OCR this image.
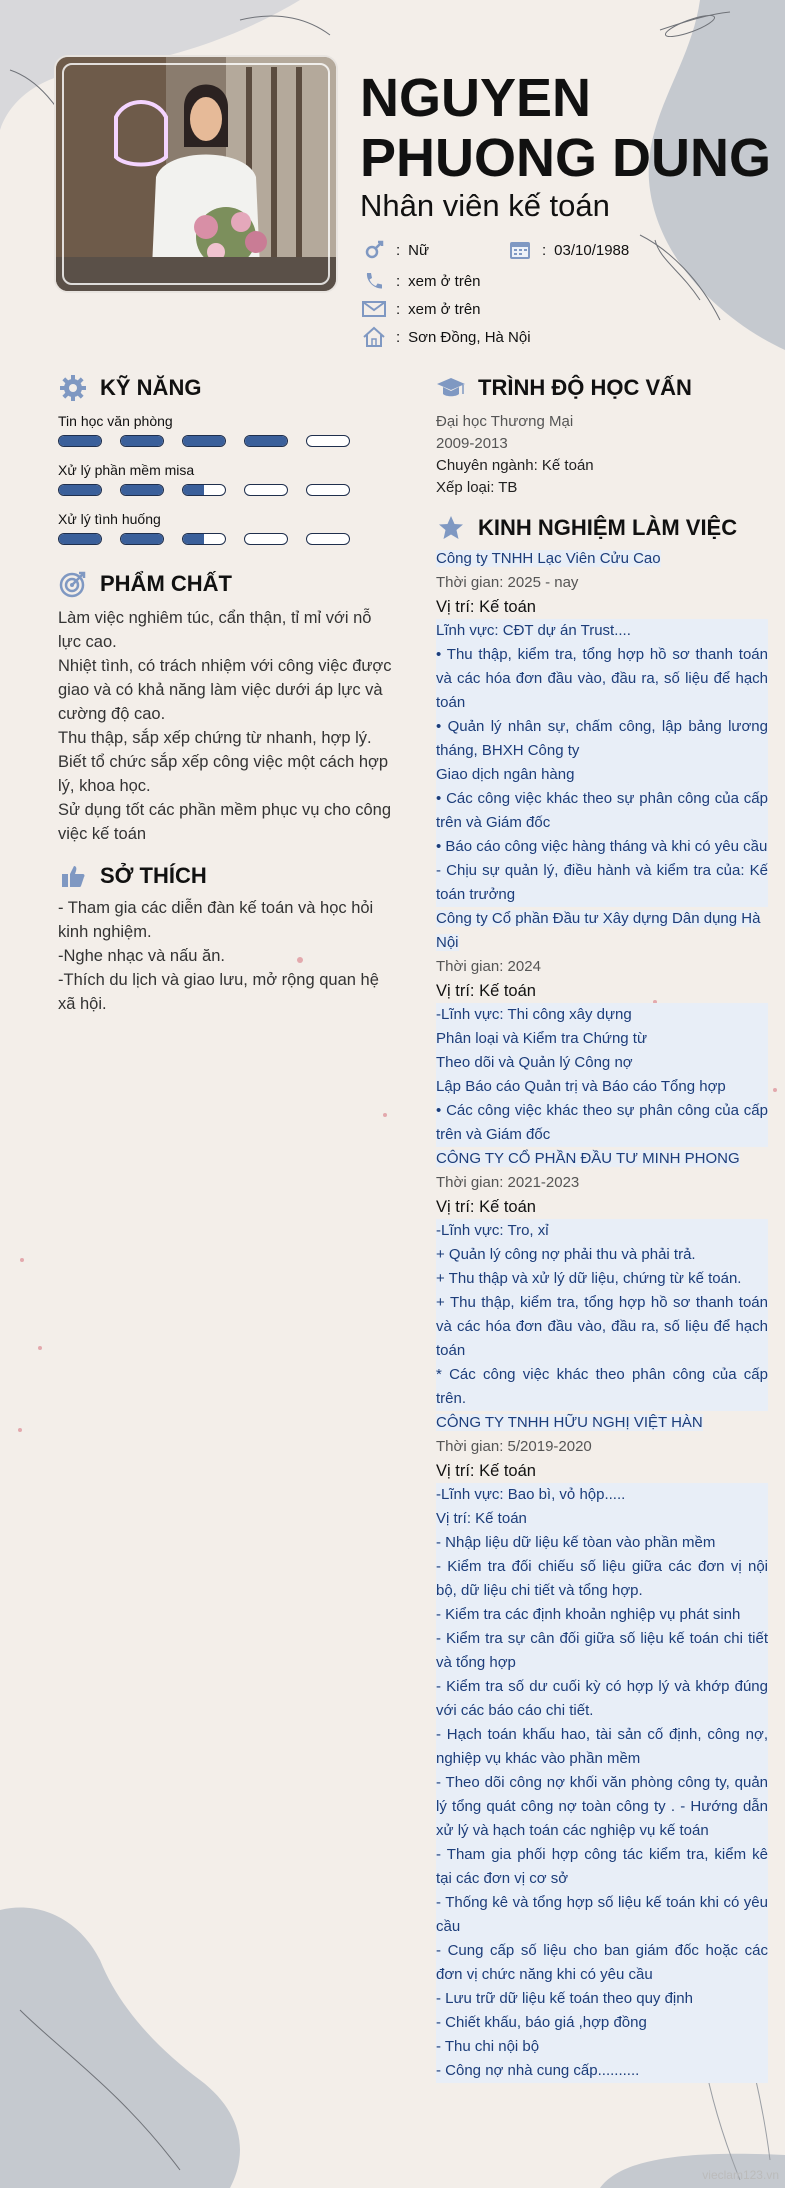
NGUYEN PHUONG DUNG
Nhân viên kế toán
: Nữ	: 03/10/1988
: xem ở trên
: xem ở trên
: Sơn Đồng, Hà Nội
KỸ NĂNG
Tin học văn phòng
Xử lý phần mềm misa
Xử lý tình huống
PHẨM CHẤT
Làm việc nghiêm túc, cẩn thận, tỉ mỉ với nỗ lực cao.
Nhiệt tình, có trách nhiệm với công việc được giao và có khả năng làm việc dưới áp lực và cường độ cao.
Thu thập, sắp xếp chứng từ nhanh, hợp lý.
Biết tổ chức sắp xếp công việc một cách hợp lý, khoa học.
Sử dụng tốt các phần mềm phục vụ cho công việc kế toán
SỞ THÍCH
- Tham gia các diễn đàn kế toán và học hỏi kinh nghiệm.
-Nghe nhạc và nấu ăn.
-Thích du lịch và giao lưu, mở rộng quan hệ xã hội.
TRÌNH ĐỘ HỌC VẤN
Đại học Thương Mại
2009-2013
Chuyên ngành: Kế toán
Xếp loại: TB
KINH NGHIỆM LÀM VIỆC
Công ty TNHH Lạc Viên Cửu Cao
Thời gian: 2025 - nay
Vị trí: Kế toán
Lĩnh vực: CĐT dự án Trust....
• Thu thập, kiểm tra, tổng hợp hồ sơ thanh toán và các hóa đơn đầu vào, đầu ra, số liệu để hạch toán
• Quản lý nhân sự, chấm công, lập bảng lương tháng, BHXH Công ty
Giao dịch ngân hàng
• Các công việc khác theo sự phân công của cấp trên và Giám đốc
• Báo cáo công việc hàng tháng và khi có yêu cầu
- Chịu sự quản lý, điều hành và kiểm tra của: Kế toán trưởng
Công ty Cổ phần Đầu tư Xây dựng Dân dụng Hà Nội
Thời gian: 2024
Vị trí: Kế toán
-Lĩnh vực: Thi công xây dựng
Phân loại và Kiểm tra Chứng từ
Theo dõi và Quản lý Công nợ
Lập Báo cáo Quản trị và Báo cáo Tổng hợp
• Các công việc khác theo sự phân công của cấp trên và Giám đốc
CÔNG TY CỔ PHẦN ĐẦU TƯ MINH PHONG
Thời gian: 2021-2023
Vị trí: Kế toán
-Lĩnh vực: Tro, xỉ
+ Quản lý công nợ phải thu và phải trả.
+ Thu thập và xử lý dữ liệu, chứng từ kế toán.
+ Thu thập, kiểm tra, tổng hợp hồ sơ thanh toán và các hóa đơn đầu vào, đầu ra, số liệu để hạch toán
* Các công việc khác theo phân công của cấp trên.
CÔNG TY TNHH HỮU NGHỊ VIỆT HÀN
Thời gian: 5/2019-2020
Vị trí: Kế toán
-Lĩnh vực: Bao bì, vỏ hộp.....
Vị trí: Kế toán
- Nhập liệu dữ liệu kế tòan vào phần mềm
- Kiểm tra đối chiếu số liệu giữa các đơn vị nội bộ, dữ liệu chi tiết và tổng hợp.
- Kiểm tra các định khoản nghiệp vụ phát sinh
- Kiểm tra sự cân đối giữa số liệu kế toán chi tiết và tổng hợp
- Kiểm tra số dư cuối kỳ có hợp lý và khớp đúng với các báo cáo chi tiết.
- Hạch toán khấu hao, tài sản cố định, công nợ, nghiệp vụ khác vào phần mềm
- Theo dõi công nợ khối văn phòng công ty, quản lý tổng quát công nợ toàn công ty . - Hướng dẫn xử lý và hạch toán các nghiệp vụ kế toán
- Tham gia phối hợp công tác kiểm tra, kiểm kê tại các đơn vị cơ sở
- Thống kê và tổng hợp số liệu kế toán khi có yêu cầu
- Cung cấp số liệu cho ban giám đốc hoặc các đơn vị chức năng khi có yêu cầu
- Lưu trữ dữ liệu kế toán theo quy định
- Chiết khấu, báo giá ,hợp đồng
- Thu chi nội bộ
- Công nợ nhà cung cấp..........
vieclam123.vn
